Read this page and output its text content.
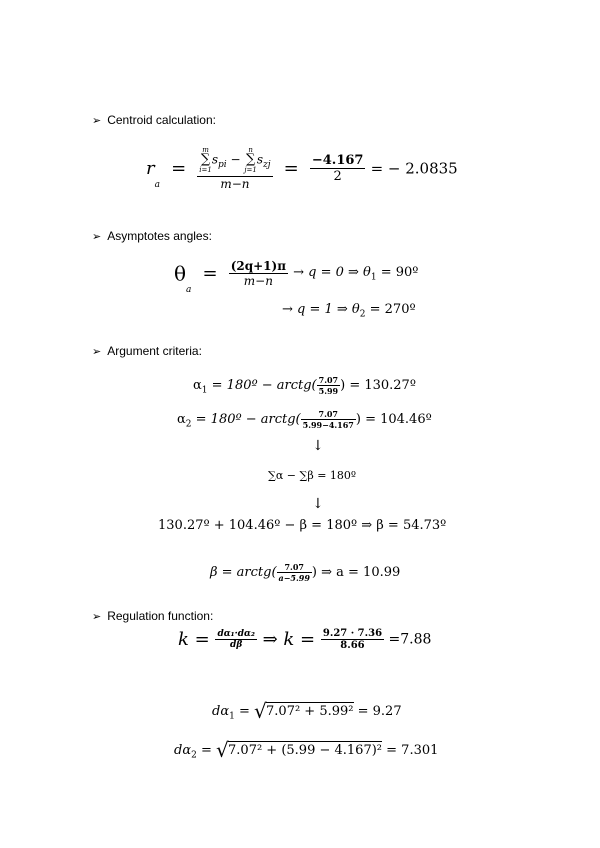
➢ Centroid calculation:
$r_a = m$
∑
i=1
$s_{pi}$ −
n
∑
j=1
$s_{zj}$
$m-n = \frac{-4.167}{2}$ = − 2.0835
➢ Asymptotes angles:
$\theta_a = \frac{(2q+1)\pi}{m-n} \to q = 0$ ⇒ $\theta_1$ = 90º
→ q = 1 ⇒ $\theta_2$ = 270º
➢ Argument criteria:
$\alpha_1$ = 180º − arctg( $\frac{7.07}{5.99}$ ) = 130.27º
$\alpha_2$ = 180º − arctg( $\frac{7.07}{5.99-4.167}$ ) = 104.46º
↓
∑α − ∑β = 180º
↓
130.27º + 104.46º − β = 180º ⇒ β = 54.73º
β = arctg( $\frac{7.07}{a-5.99}$ ) ⇒ a = 10.99
➢ Regulation function:
$k = \frac{\text{dα₁·dα₂}}{d\beta}$ ⇒ $k = \frac{9.27 \cdot 7.36}{8.66} =7.88$
$d\alpha_1$ = √ 7.07² + 5.99² = 9.27
$d\alpha_2$ = √ 7.07² + (5.99 − 4.167)² = 7.301
